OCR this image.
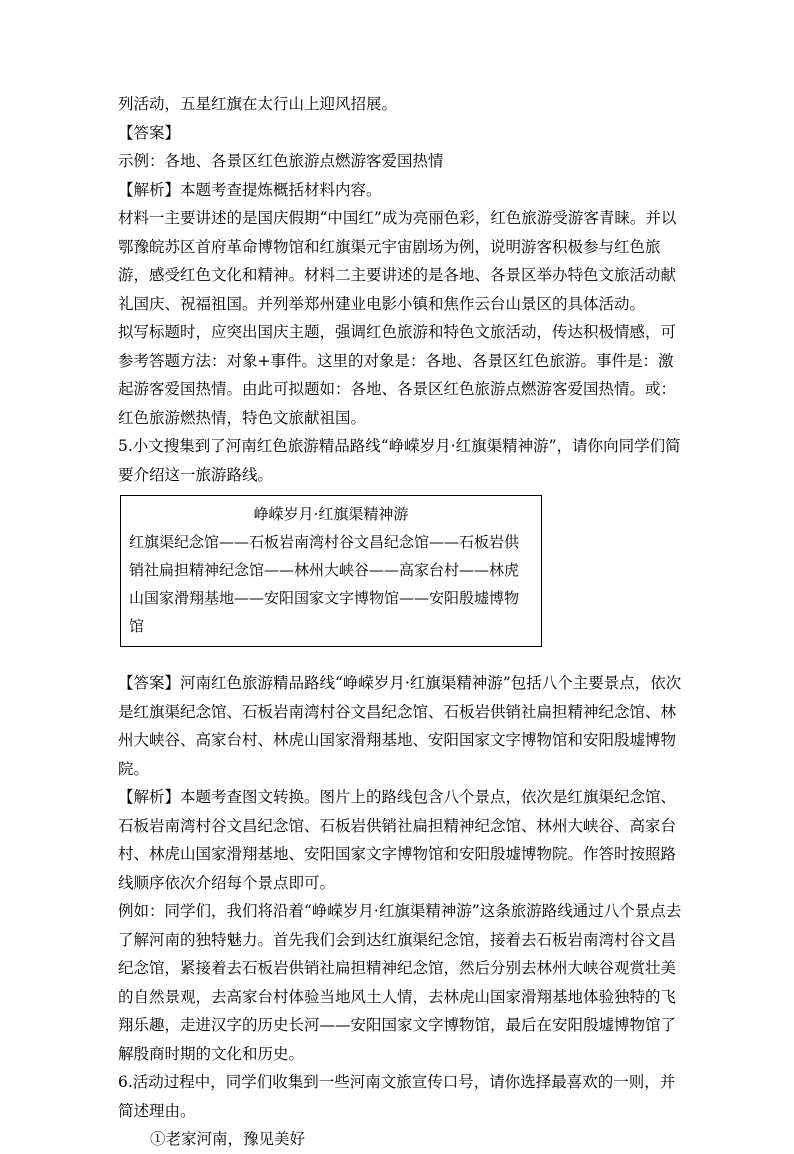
列活动，五星红旗在太行山上迎风招展。

【答案】

示例：各地、各景区红色旅游点燃游客爱国热情

【解析】本题考查提炼概括材料内容。

材料一主要讲述的是国庆假期“中国红”成为亮丽色彩，红色旅游受游客青睐。并以鄂豫皖苏区首府革命博物馆和红旗渠元宇宙剧场为例，说明游客积极参与红色旅游，感受红色文化和精神。材料二主要讲述的是各地、各景区举办特色文旅活动献礼国庆、祝福祖国。并列举郑州建业电影小镇和焦作云台山景区的具体活动。

拟写标题时，应突出国庆主题，强调红色旅游和特色文旅活动，传达积极情感，可参考答题方法：对象+事件。这里的对象是：各地、各景区红色旅游。事件是：激起游客爱国热情。由此可拟题如：各地、各景区红色旅游点燃游客爱国热情。或：红色旅游燃热情，特色文旅献祖国。

5.小文搜集到了河南红色旅游精品路线“峥嵘岁月·红旗渠精神游”，请你向同学们简要介绍这一旅游路线。

峥嵘岁月·红旗渠精神游
红旗渠纪念馆——石板岩南湾村谷文昌纪念馆——石板岩供销社扁担精神纪念馆——林州大峡谷——高家台村——林虎山国家滑翔基地——安阳国家文字博物馆——安阳殷墟博物馆

【答案】河南红色旅游精品路线“峥嵘岁月·红旗渠精神游”包括八个主要景点，依次是红旗渠纪念馆、石板岩南湾村谷文昌纪念馆、石板岩供销社扁担精神纪念馆、林州大峡谷、高家台村、林虎山国家滑翔基地、安阳国家文字博物馆和安阳殷墟博物院。

【解析】本题考查图文转换。图片上的路线包含八个景点，依次是红旗渠纪念馆、石板岩南湾村谷文昌纪念馆、石板岩供销社扁担精神纪念馆、林州大峡谷、高家台村、林虎山国家滑翔基地、安阳国家文字博物馆和安阳殷墟博物院。作答时按照路线顺序依次介绍每个景点即可。

例如：同学们，我们将沿着“峥嵘岁月·红旗渠精神游”这条旅游路线通过八个景点去了解河南的独特魅力。首先我们会到达红旗渠纪念馆，接着去石板岩南湾村谷文昌纪念馆，紧接着去石板岩供销社扁担精神纪念馆，然后分别去林州大峡谷观赏壮美的自然景观，去高家台村体验当地风土人情，去林虎山国家滑翔基地体验独特的飞翔乐趣，走进汉字的历史长河——安阳国家文字博物馆，最后在安阳殷墟博物馆了解殷商时期的文化和历史。

6.活动过程中，同学们收集到一些河南文旅宣传口号，请你选择最喜欢的一则，并简述理由。

①老家河南，豫见美好
